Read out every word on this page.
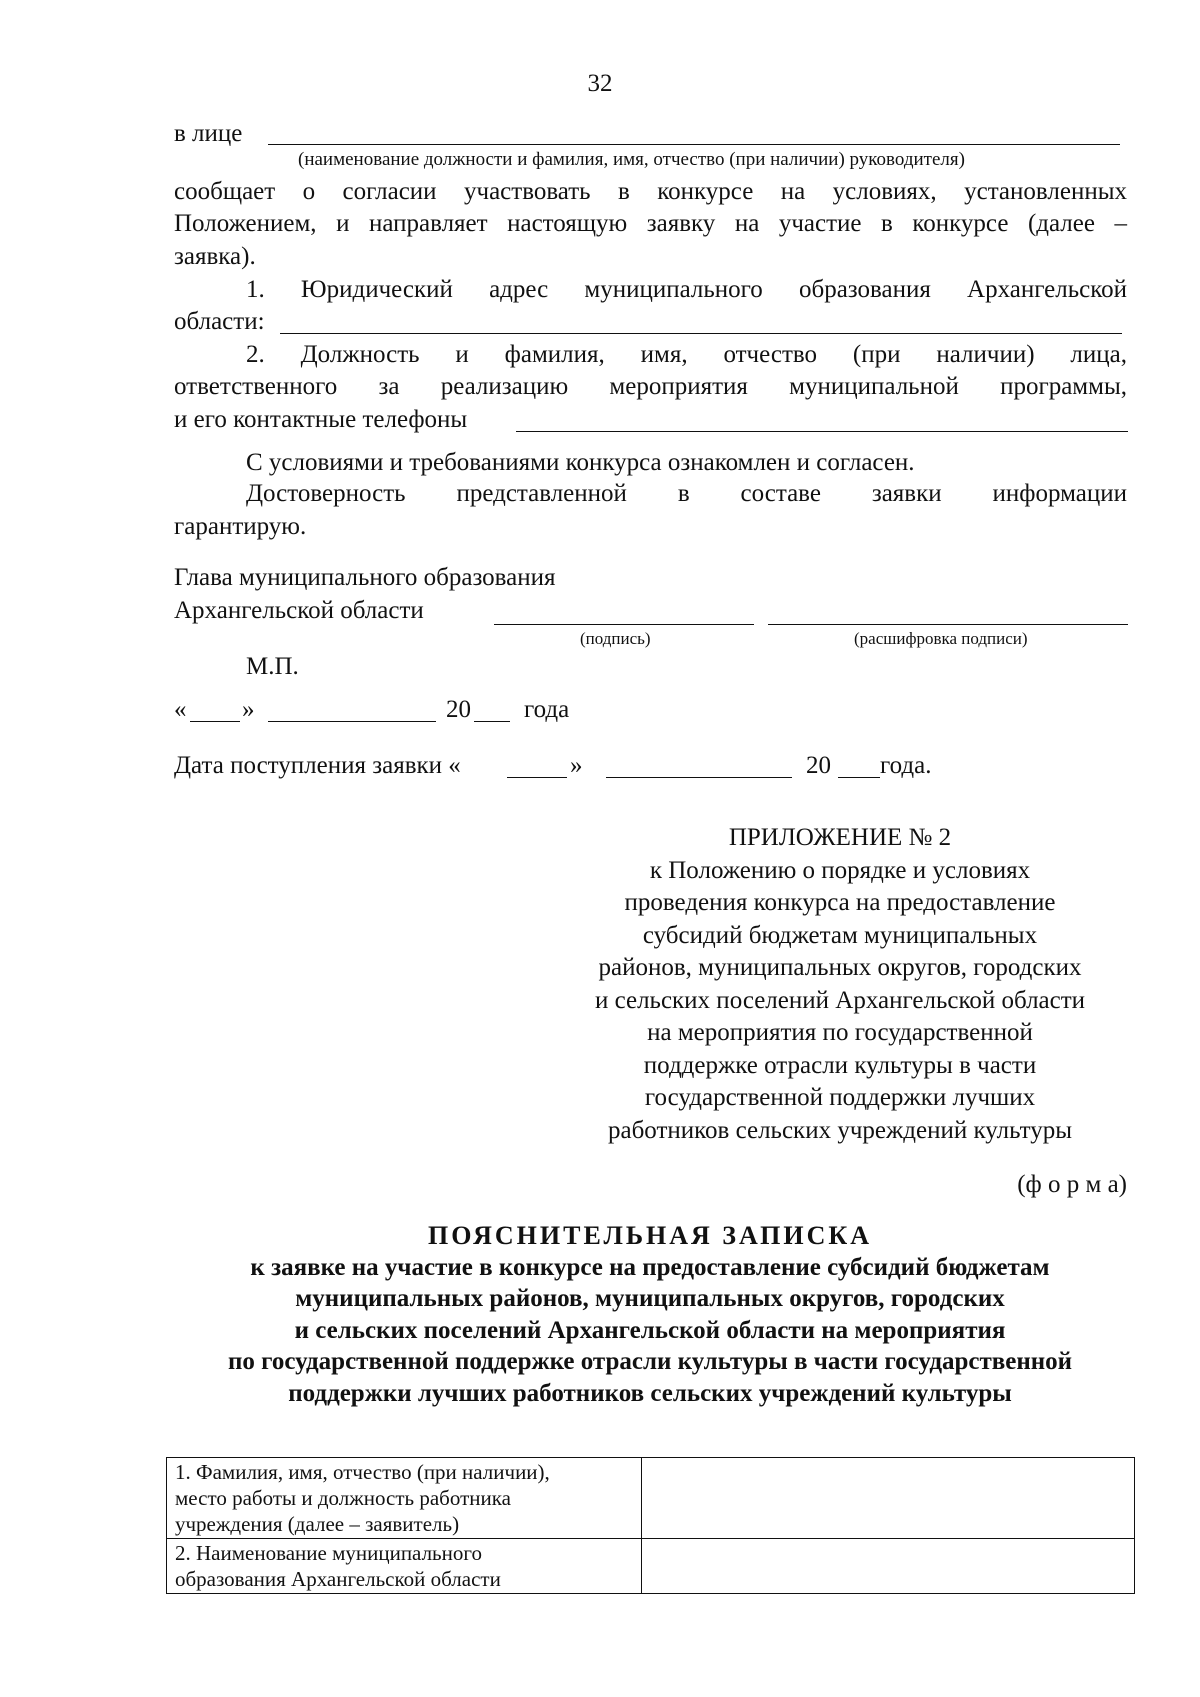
32
в лице
(наименование должности и фамилия, имя, отчество (при наличии) руководителя)
сообщает о согласии участвовать в конкурсе на условиях, установленных
Положением, и направляет настоящую заявку на участие в конкурсе (далее –
заявка).
1. Юридический адрес муниципального образования Архангельской
области:
2. Должность и фамилия, имя, отчество (при наличии) лица,
ответственного за реализацию мероприятия муниципальной программы,
и его контактные телефоны
С условиями и требованиями конкурса ознакомлен и согласен.
Достоверность представленной в составе заявки информации
гарантирую.
Глава муниципального образования
Архангельской области
(подпись)	(расшифровка подписи)
М.П.
« »	20 года
Дата поступления заявки «	»	20 года.
ПРИЛОЖЕНИЕ № 2
к Положению о порядке и условиях
проведения конкурса на предоставление
субсидий бюджетам муниципальных
районов, муниципальных округов, городских
и сельских поселений Архангельской области
на мероприятия по государственной
поддержке отрасли культуры в части
государственной поддержки лучших
работников сельских учреждений культуры
(ф о р м а)
ПОЯСНИТЕЛЬНАЯ ЗАПИСКА
к заявке на участие в конкурсе на предоставление субсидий бюджетам
муниципальных районов, муниципальных округов, городских
и сельских поселений Архангельской области на мероприятия
по государственной поддержке отрасли культуры в части государственной
поддержки лучших работников сельских учреждений культуры
1. Фамилия, имя, отчество (при наличии),
место работы и должность работника
учреждения (далее – заявитель)	

2. Наименование муниципального
образования Архангельской области	
